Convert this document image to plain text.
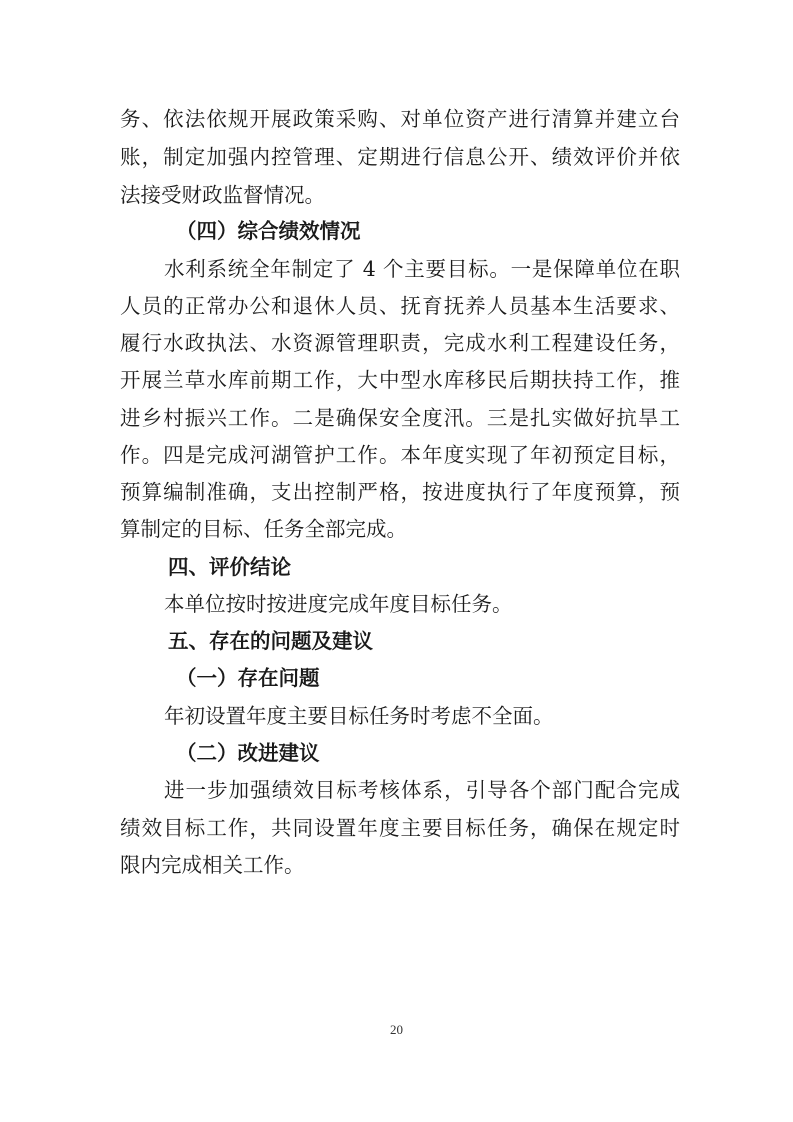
务、依法依规开展政策采购、对单位资产进行清算并建立台
账，制定加强内控管理、定期进行信息公开、绩效评价并依
法接受财政监督情况。
（四）综合绩效情况
水利系统全年制定了 4 个主要目标。一是保障单位在职
人员的正常办公和退休人员、抚育抚养人员基本生活要求、
履行水政执法、水资源管理职责，完成水利工程建设任务，
开展兰草水库前期工作，大中型水库移民后期扶持工作，推
进乡村振兴工作。二是确保安全度汛。三是扎实做好抗旱工
作。四是完成河湖管护工作。本年度实现了年初预定目标，
预算编制准确，支出控制严格，按进度执行了年度预算，预
算制定的目标、任务全部完成。
四、评价结论
本单位按时按进度完成年度目标任务。
五、存在的问题及建议
（一）存在问题
年初设置年度主要目标任务时考虑不全面。
（二）改进建议
进一步加强绩效目标考核体系，引导各个部门配合完成
绩效目标工作，共同设置年度主要目标任务，确保在规定时
限内完成相关工作。
20
